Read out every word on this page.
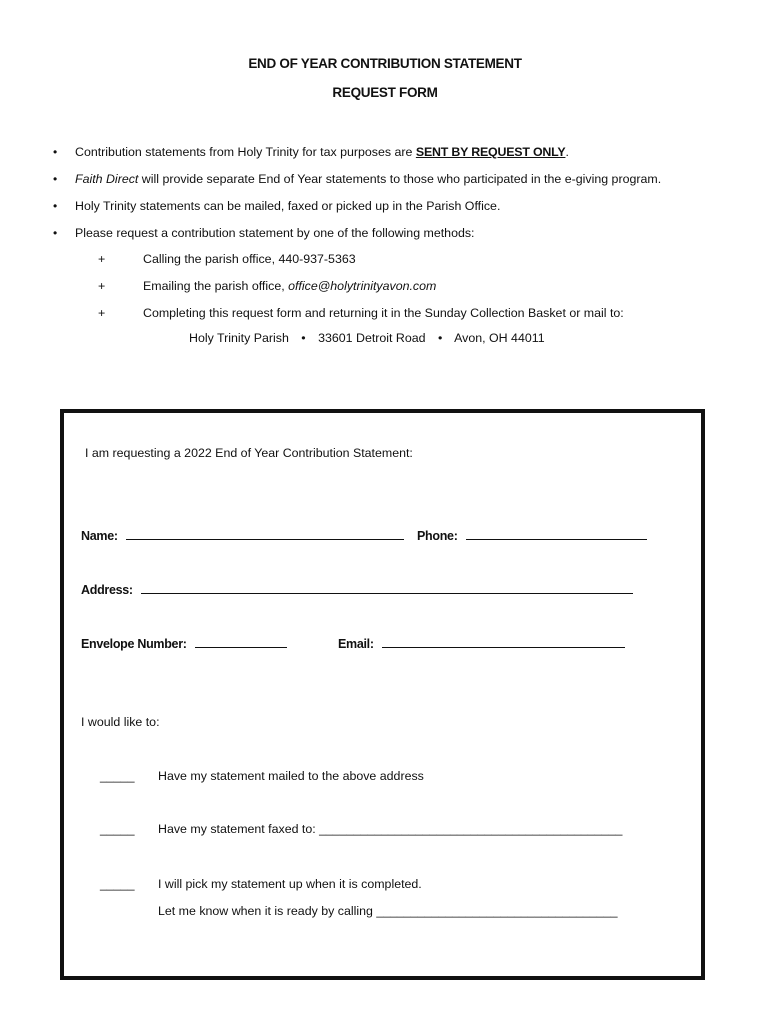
END OF YEAR CONTRIBUTION STATEMENT
REQUEST FORM
• Contribution statements from Holy Trinity for tax purposes are SENT BY REQUEST ONLY.
• Faith Direct will provide separate End of Year statements to those who participated in the e-giving program.
• Holy Trinity statements can be mailed, faxed or picked up in the Parish Office.
• Please request a contribution statement by one of the following methods:
+	Calling the parish office, 440-937-5363
+	Emailing the parish office, office@holytrinityavon.com
+	Completing this request form and returning it in the Sunday Collection Basket or mail to:
Holy Trinity Parish • 33601 Detroit Road • Avon, OH 44011
I am requesting a 2022 End of Year Contribution Statement:
Name:	Phone:
Address:
Envelope Number:	Email:
I would like to:
_____ Have my statement mailed to the above address
_____ Have my statement faxed to: ____________________________________________
_____ I will pick my statement up when it is completed.
Let me know when it is ready by calling ___________________________________
